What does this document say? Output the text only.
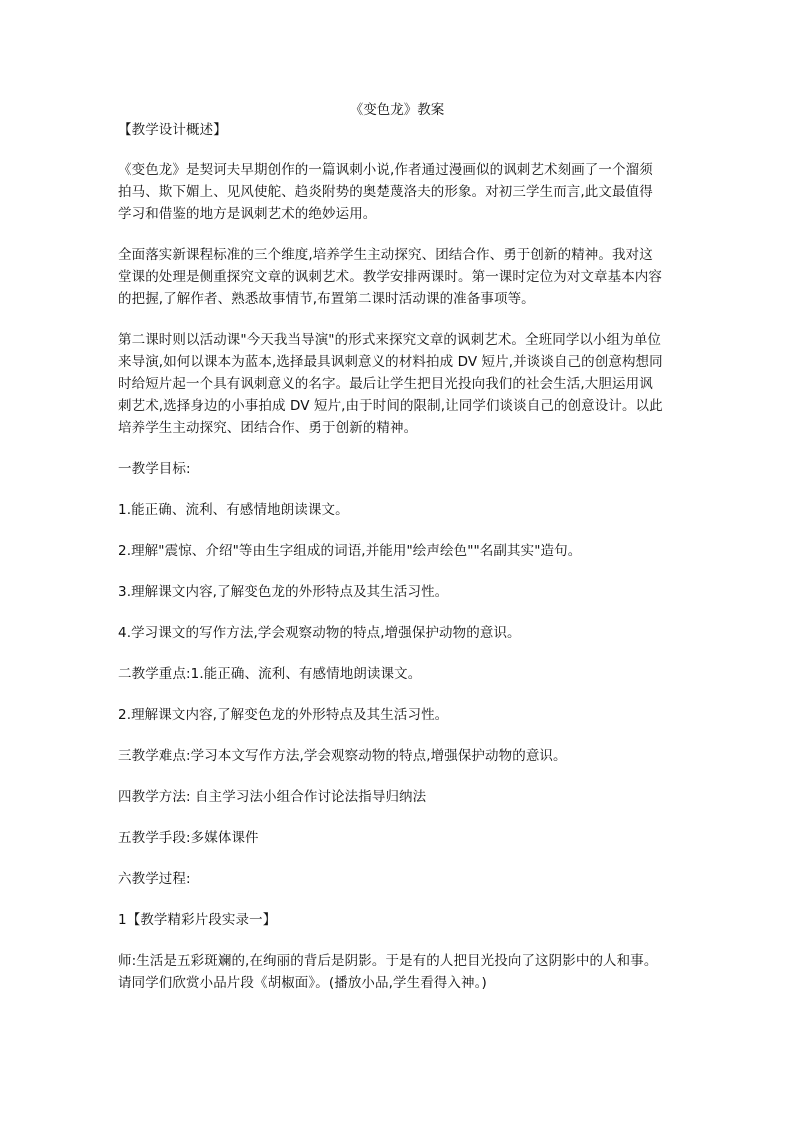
《变色龙》教案

【教学设计概述】

《变色龙》是契诃夫早期创作的一篇讽刺小说,作者通过漫画似的讽刺艺术刻画了一个溜须
拍马、欺下媚上、见风使舵、趋炎附势的奥楚蔑洛夫的形象。对初三学生而言,此文最值得
学习和借鉴的地方是讽刺艺术的绝妙运用。

全面落实新课程标准的三个维度,培养学生主动探究、团结合作、勇于创新的精神。我对这
堂课的处理是侧重探究文章的讽刺艺术。教学安排两课时。第一课时定位为对文章基本内容
的把握,了解作者、熟悉故事情节,布置第二课时活动课的准备事项等。

第二课时则以活动课"今天我当导演"的形式来探究文章的讽刺艺术。全班同学以小组为单位
来导演,如何以课本为蓝本,选择最具讽刺意义的材料拍成 DV 短片,并谈谈自己的创意构想同
时给短片起一个具有讽刺意义的名字。最后让学生把目光投向我们的社会生活,大胆运用讽
刺艺术,选择身边的小事拍成 DV 短片,由于时间的限制,让同学们谈谈自己的创意设计。以此
培养学生主动探究、团结合作、勇于创新的精神。

一教学目标:

1.能正确、流利、有感情地朗读课文。

2.理解"震惊、介绍"等由生字组成的词语,并能用"绘声绘色""名副其实"造句。

3.理解课文内容,了解变色龙的外形特点及其生活习性。

4.学习课文的写作方法,学会观察动物的特点,增强保护动物的意识。

二教学重点:1.能正确、流利、有感情地朗读课文。

2.理解课文内容,了解变色龙的外形特点及其生活习性。

三教学难点:学习本文写作方法,学会观察动物的特点,增强保护动物的意识。

四教学方法: 自主学习法小组合作讨论法指导归纳法

五教学手段:多媒体课件

六教学过程:

1【教学精彩片段实录一】

师:生活是五彩斑斓的,在绚丽的背后是阴影。于是有的人把目光投向了这阴影中的人和事。
请同学们欣赏小品片段《胡椒面》。(播放小品,学生看得入神。)
